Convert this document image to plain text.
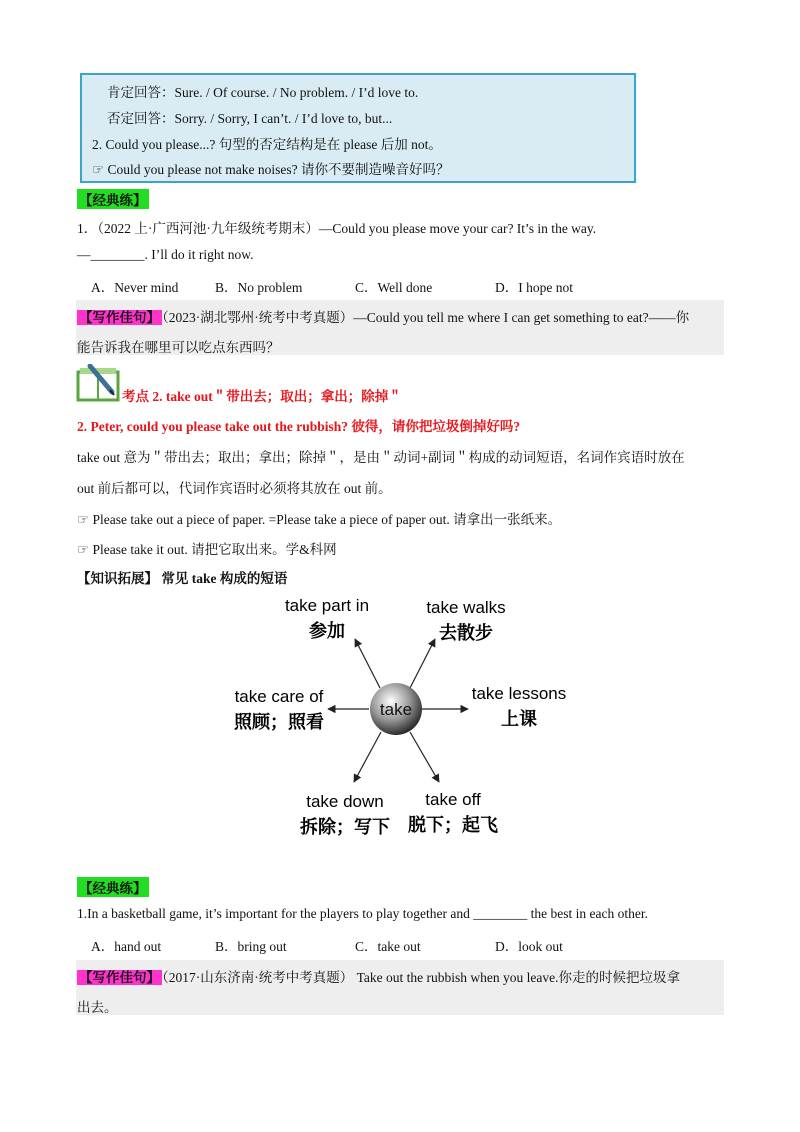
肯定回答：Sure. / Of course. / No problem. / I’d love to.
否定回答：Sorry. / Sorry, I can’t. / I’d love to, but...
2. Could you please...? 句型的否定结构是在 please 后加 not。
☞ Could you please not make noises? 请你不要制造噪音好吗？
【经典练】
1．（2022 上·广西河池·九年级统考期末）—Could you please move your car? It’s in the way.
—________. I’ll do it right now.
A．Never mind	B．No problem	C．Well done	D．I hope not
【写作佳句】 （2023·湖北鄂州·统考中考真题）—Could you tell me where I can get something to eat?——你
能告诉我在哪里可以吃点东西吗？
考点 2. take out＂带出去；取出；拿出；除掉＂
2. Peter, could you please take out the rubbish? 彼得，请你把垃圾倒掉好吗?
take out 意为＂带出去；取出；拿出；除掉＂，是由＂动词+副词＂构成的动词短语，名词作宾语时放在
out 前后都可以，代词作宾语时必须将其放在 out 前。
☞ Please take out a piece of paper. =Please take a piece of paper out. 请拿出一张纸来。
☞ Please take it out. 请把它取出来。学&科网
【知识拓展】 常见 take 构成的短语
take
take part in
参加
take walks
去散步
take care of
照顾；照看
take lessons
上课
take down
拆除；写下
take off
脱下；起飞
【经典练】
1.In a basketball game, it’s important for the players to play together and ________ the best in each other.
A．hand out	B．bring out	C．take out	D．look out
【写作佳句】 （2017·山东济南·统考中考真题） Take out the rubbish when you leave.你走的时候把垃圾拿
出去。
